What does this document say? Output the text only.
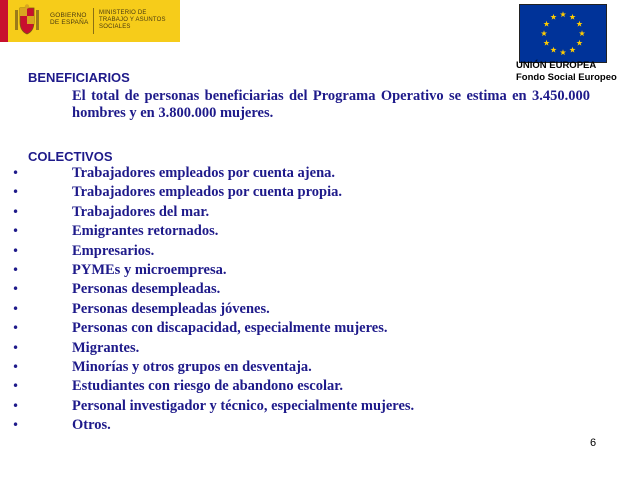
GOBIERNO DE ESPAÑA
MINISTERIO DE TRABAJO Y ASUNTOS SOCIALES
UNIÓN EUROPEA
Fondo Social Europeo
BENEFICIARIOS
El total de personas beneficiarias del Programa Operativo se estima en 3.450.000 hombres y en 3.800.000 mujeres.
COLECTIVOS
•	Trabajadores empleados por cuenta ajena.
•	Trabajadores empleados por cuenta propia.
•	Trabajadores del mar.
•	Emigrantes retornados.
•	Empresarios.
•	PYMEs y microempresa.
•	Personas desempleadas.
•	Personas desempleadas jóvenes.
•	Personas con discapacidad, especialmente mujeres.
•	Migrantes.
•	Minorías y otros grupos en desventaja.
•	Estudiantes con riesgo de abandono escolar.
•	Personal investigador y técnico, especialmente mujeres.
•	Otros.
6
